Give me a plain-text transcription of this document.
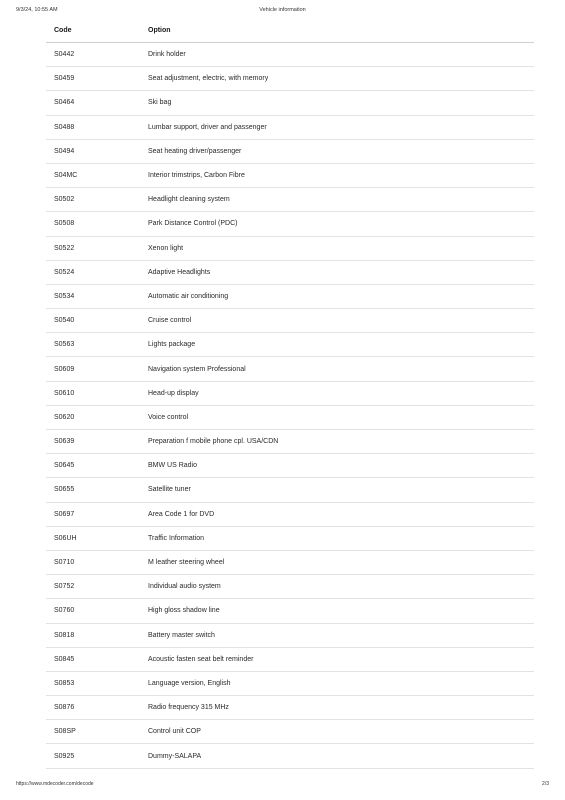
9/3/24, 10:55 AM	Vehicle information
Code	Option
S0442	Drink holder
S0459	Seat adjustment, electric, with memory
S0464	Ski bag
S0488	Lumbar support, driver and passenger
S0494	Seat heating driver/passenger
S04MC	Interior trimstrips, Carbon Fibre
S0502	Headlight cleaning system
S0508	Park Distance Control (PDC)
S0522	Xenon light
S0524	Adaptive Headlights
S0534	Automatic air conditioning
S0540	Cruise control
S0563	Lights package
S0609	Navigation system Professional
S0610	Head-up display
S0620	Voice control
S0639	Preparation f mobile phone cpl. USA/CDN
S0645	BMW US Radio
S0655	Satellite tuner
S0697	Area Code 1 for DVD
S06UH	Traffic Information
S0710	M leather steering wheel
S0752	Individual audio system
S0760	High gloss shadow line
S0818	Battery master switch
S0845	Acoustic fasten seat belt reminder
S0853	Language version, English
S0876	Radio frequency 315 MHz
S08SP	Control unit COP
S0925	Dummy-SALAPA
https://www.mdecoder.com/decode	2/3
